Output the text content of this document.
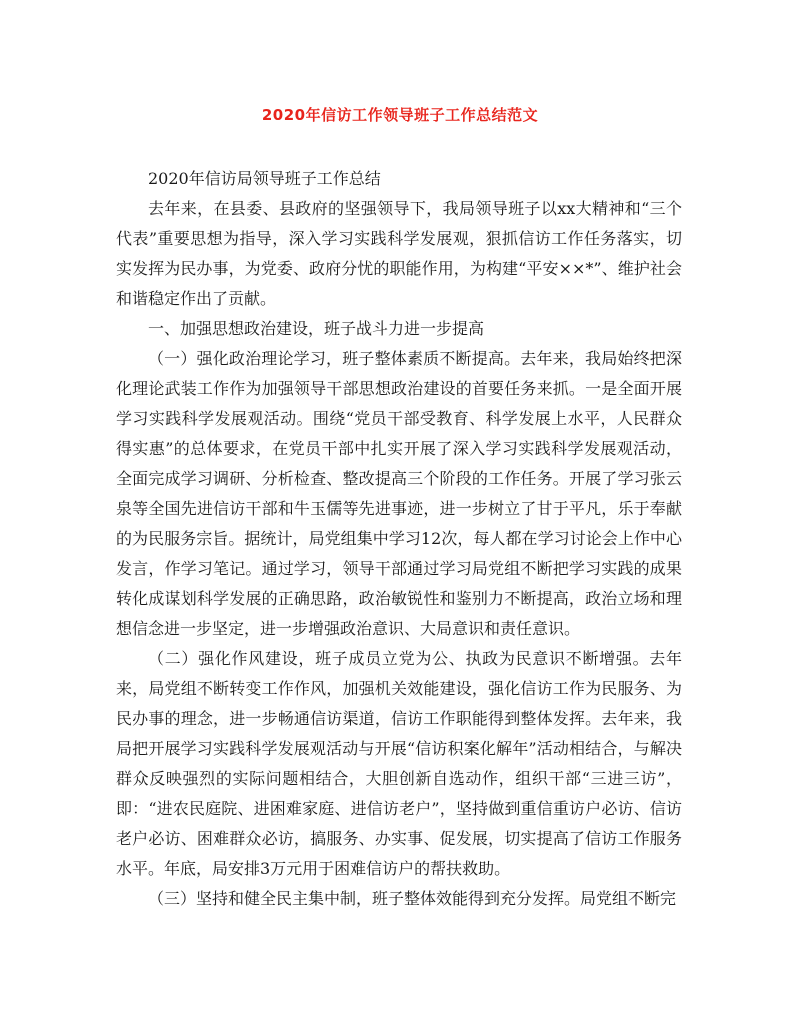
2020年信访工作领导班子工作总结范文

2020年信访局领导班子工作总结

去年来，在县委、县政府的坚强领导下，我局领导班子以xx大精神和“三个代表”重要思想为指导，深入学习实践科学发展观，狠抓信访工作任务落实，切实发挥为民办事，为党委、政府分忧的职能作用，为构建“平安××*”、维护社会和谐稳定作出了贡献。

一、加强思想政治建设，班子战斗力进一步提高

（一）强化政治理论学习，班子整体素质不断提高。去年来，我局始终把深化理论武装工作作为加强领导干部思想政治建设的首要任务来抓。一是全面开展学习实践科学发展观活动。围绕“党员干部受教育、科学发展上水平，人民群众得实惠”的总体要求，在党员干部中扎实开展了深入学习实践科学发展观活动，全面完成学习调研、分析检查、整改提高三个阶段的工作任务。开展了学习张云泉等全国先进信访干部和牛玉儒等先进事迹，进一步树立了甘于平凡，乐于奉献的为民服务宗旨。据统计，局党组集中学习12次，每人都在学习讨论会上作中心发言，作学习笔记。通过学习，领导干部通过学习局党组不断把学习实践的成果转化成谋划科学发展的正确思路，政治敏锐性和鉴别力不断提高，政治立场和理想信念进一步坚定，进一步增强政治意识、大局意识和责任意识。

（二）强化作风建设，班子成员立党为公、执政为民意识不断增强。去年来，局党组不断转变工作作风，加强机关效能建设，强化信访工作为民服务、为民办事的理念，进一步畅通信访渠道，信访工作职能得到整体发挥。去年来，我局把开展学习实践科学发展观活动与开展“信访积案化解年”活动相结合，与解决群众反映强烈的实际问题相结合，大胆创新自选动作，组织干部“三进三访”，即：“进农民庭院、进困难家庭、进信访老户”，坚持做到重信重访户必访、信访老户必访、困难群众必访，搞服务、办实事、促发展，切实提高了信访工作服务水平。年底，局安排3万元用于困难信访户的帮扶救助。

（三）坚持和健全民主集中制，班子整体效能得到充分发挥。局党组不断完
